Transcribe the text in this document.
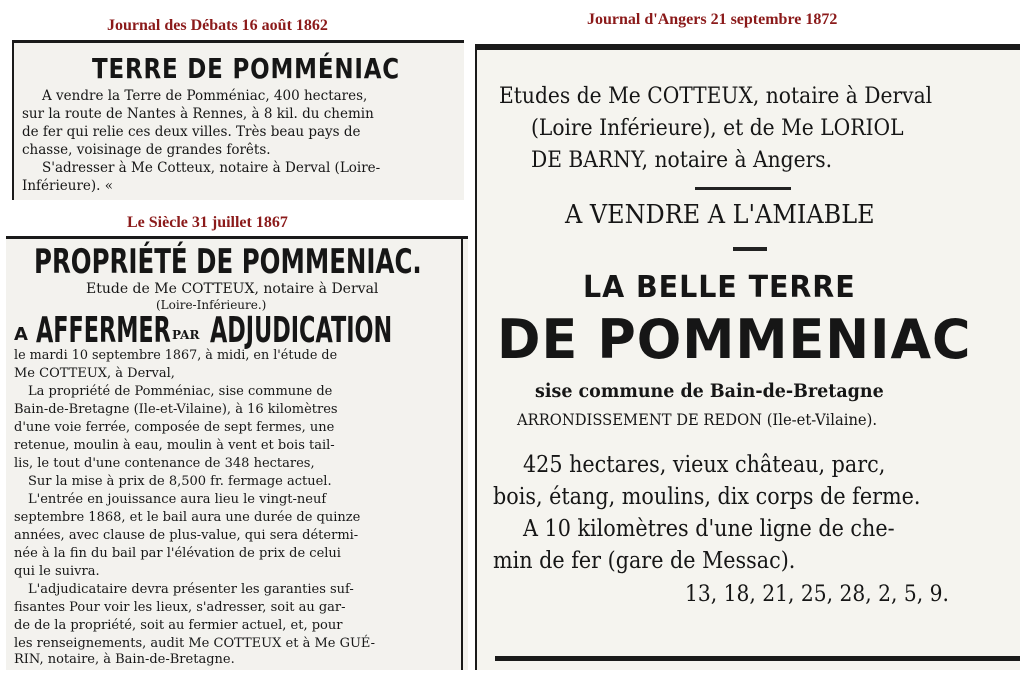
Journal des Débats 16 août 1862
TERRE DE POMMÉNIAC
A vendre la Terre de Pomméniac, 400 hectares,
sur la route de Nantes à Rennes, à 8 kil. du chemin
de fer qui relie ces deux villes. Très beau pays de
chasse, voisinage de grandes forêts.
S'adresser à Me Cotteux, notaire à Derval (Loire-
Inférieure). «
Le Siècle 31 juillet 1867
PROPRIÉTÉ DE POMMENIAC.
Etude de Me COTTEUX, notaire à Derval
(Loire-Inférieure.)
A AFFERMER PAR ADJUDICATION
le mardi 10 septembre 1867, à midi, en l'étude de
Me COTTEUX, à Derval,
La propriété de Pomméniac, sise commune de
Bain-de-Bretagne (Ile-et-Vilaine), à 16 kilomètres
d'une voie ferrée, composée de sept fermes, une
retenue, moulin à eau, moulin à vent et bois tail-
lis, le tout d'une contenance de 348 hectares,
Sur la mise à prix de 8,500 fr. fermage actuel.
L'entrée en jouissance aura lieu le vingt-neuf
septembre 1868, et le bail aura une durée de quinze
années, avec clause de plus-value, qui sera détermi-
née à la fin du bail par l'élévation de prix de celui
qui le suivra.
L'adjudicataire devra présenter les garanties suf-
fisantes Pour voir les lieux, s'adresser, soit au gar-
de de la propriété, soit au fermier actuel, et, pour
les renseignements, audit Me COTTEUX et à Me GUÉ-
RIN, notaire, à Bain-de-Bretagne.
Journal d'Angers 21 septembre 1872
Etudes de Me COTTEUX, notaire à Derval
(Loire Inférieure), et de Me LORIOL
DE BARNY, notaire à Angers.
A VENDRE A L'AMIABLE
LA BELLE TERRE
DE POMMENIAC
sise commune de Bain-de-Bretagne
ARRONDISSEMENT DE REDON (Ile-et-Vilaine).
425 hectares, vieux château, parc,
bois, étang, moulins, dix corps de ferme.
A 10 kilomètres d'une ligne de che-
min de fer (gare de Messac).
13, 18, 21, 25, 28, 2, 5, 9.
